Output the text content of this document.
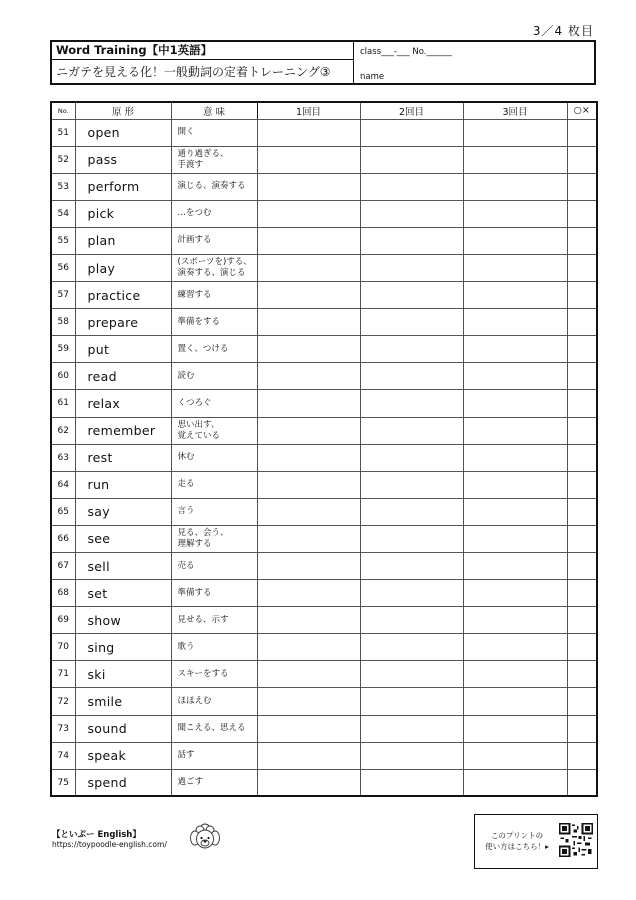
3／4 枚目
Word Training【中1英語】
ニガテを見える化！一般動詞の定着トレーニング③
class___-___ No.______
name
No.	原 形	意 味	1回目	2回目	3回目	○×
51	open	開く				
52	pass	通り過ぎる、
手渡す				
53	perform	演じる、演奏する				
54	pick	…をつむ				
55	plan	計画する				
56	play	(スポーツを)する、
演奏する、演じる				
57	practice	練習する				
58	prepare	準備をする				
59	put	置く、つける				
60	read	読む				
61	relax	くつろぐ				
62	remember	思い出す、
覚えている				
63	rest	休む				
64	run	走る				
65	say	言う				
66	see	見る、会う、
理解する				
67	sell	売る				
68	set	準備する				
69	show	見せる、示す				
70	sing	歌う				
71	ski	スキーをする				
72	smile	ほほえむ				
73	sound	聞こえる、思える				
74	speak	話す				
75	spend	過ごす				
【といぷー English】
https://toypoodle-english.com/
このプリントの
使い方はこちら！▸
